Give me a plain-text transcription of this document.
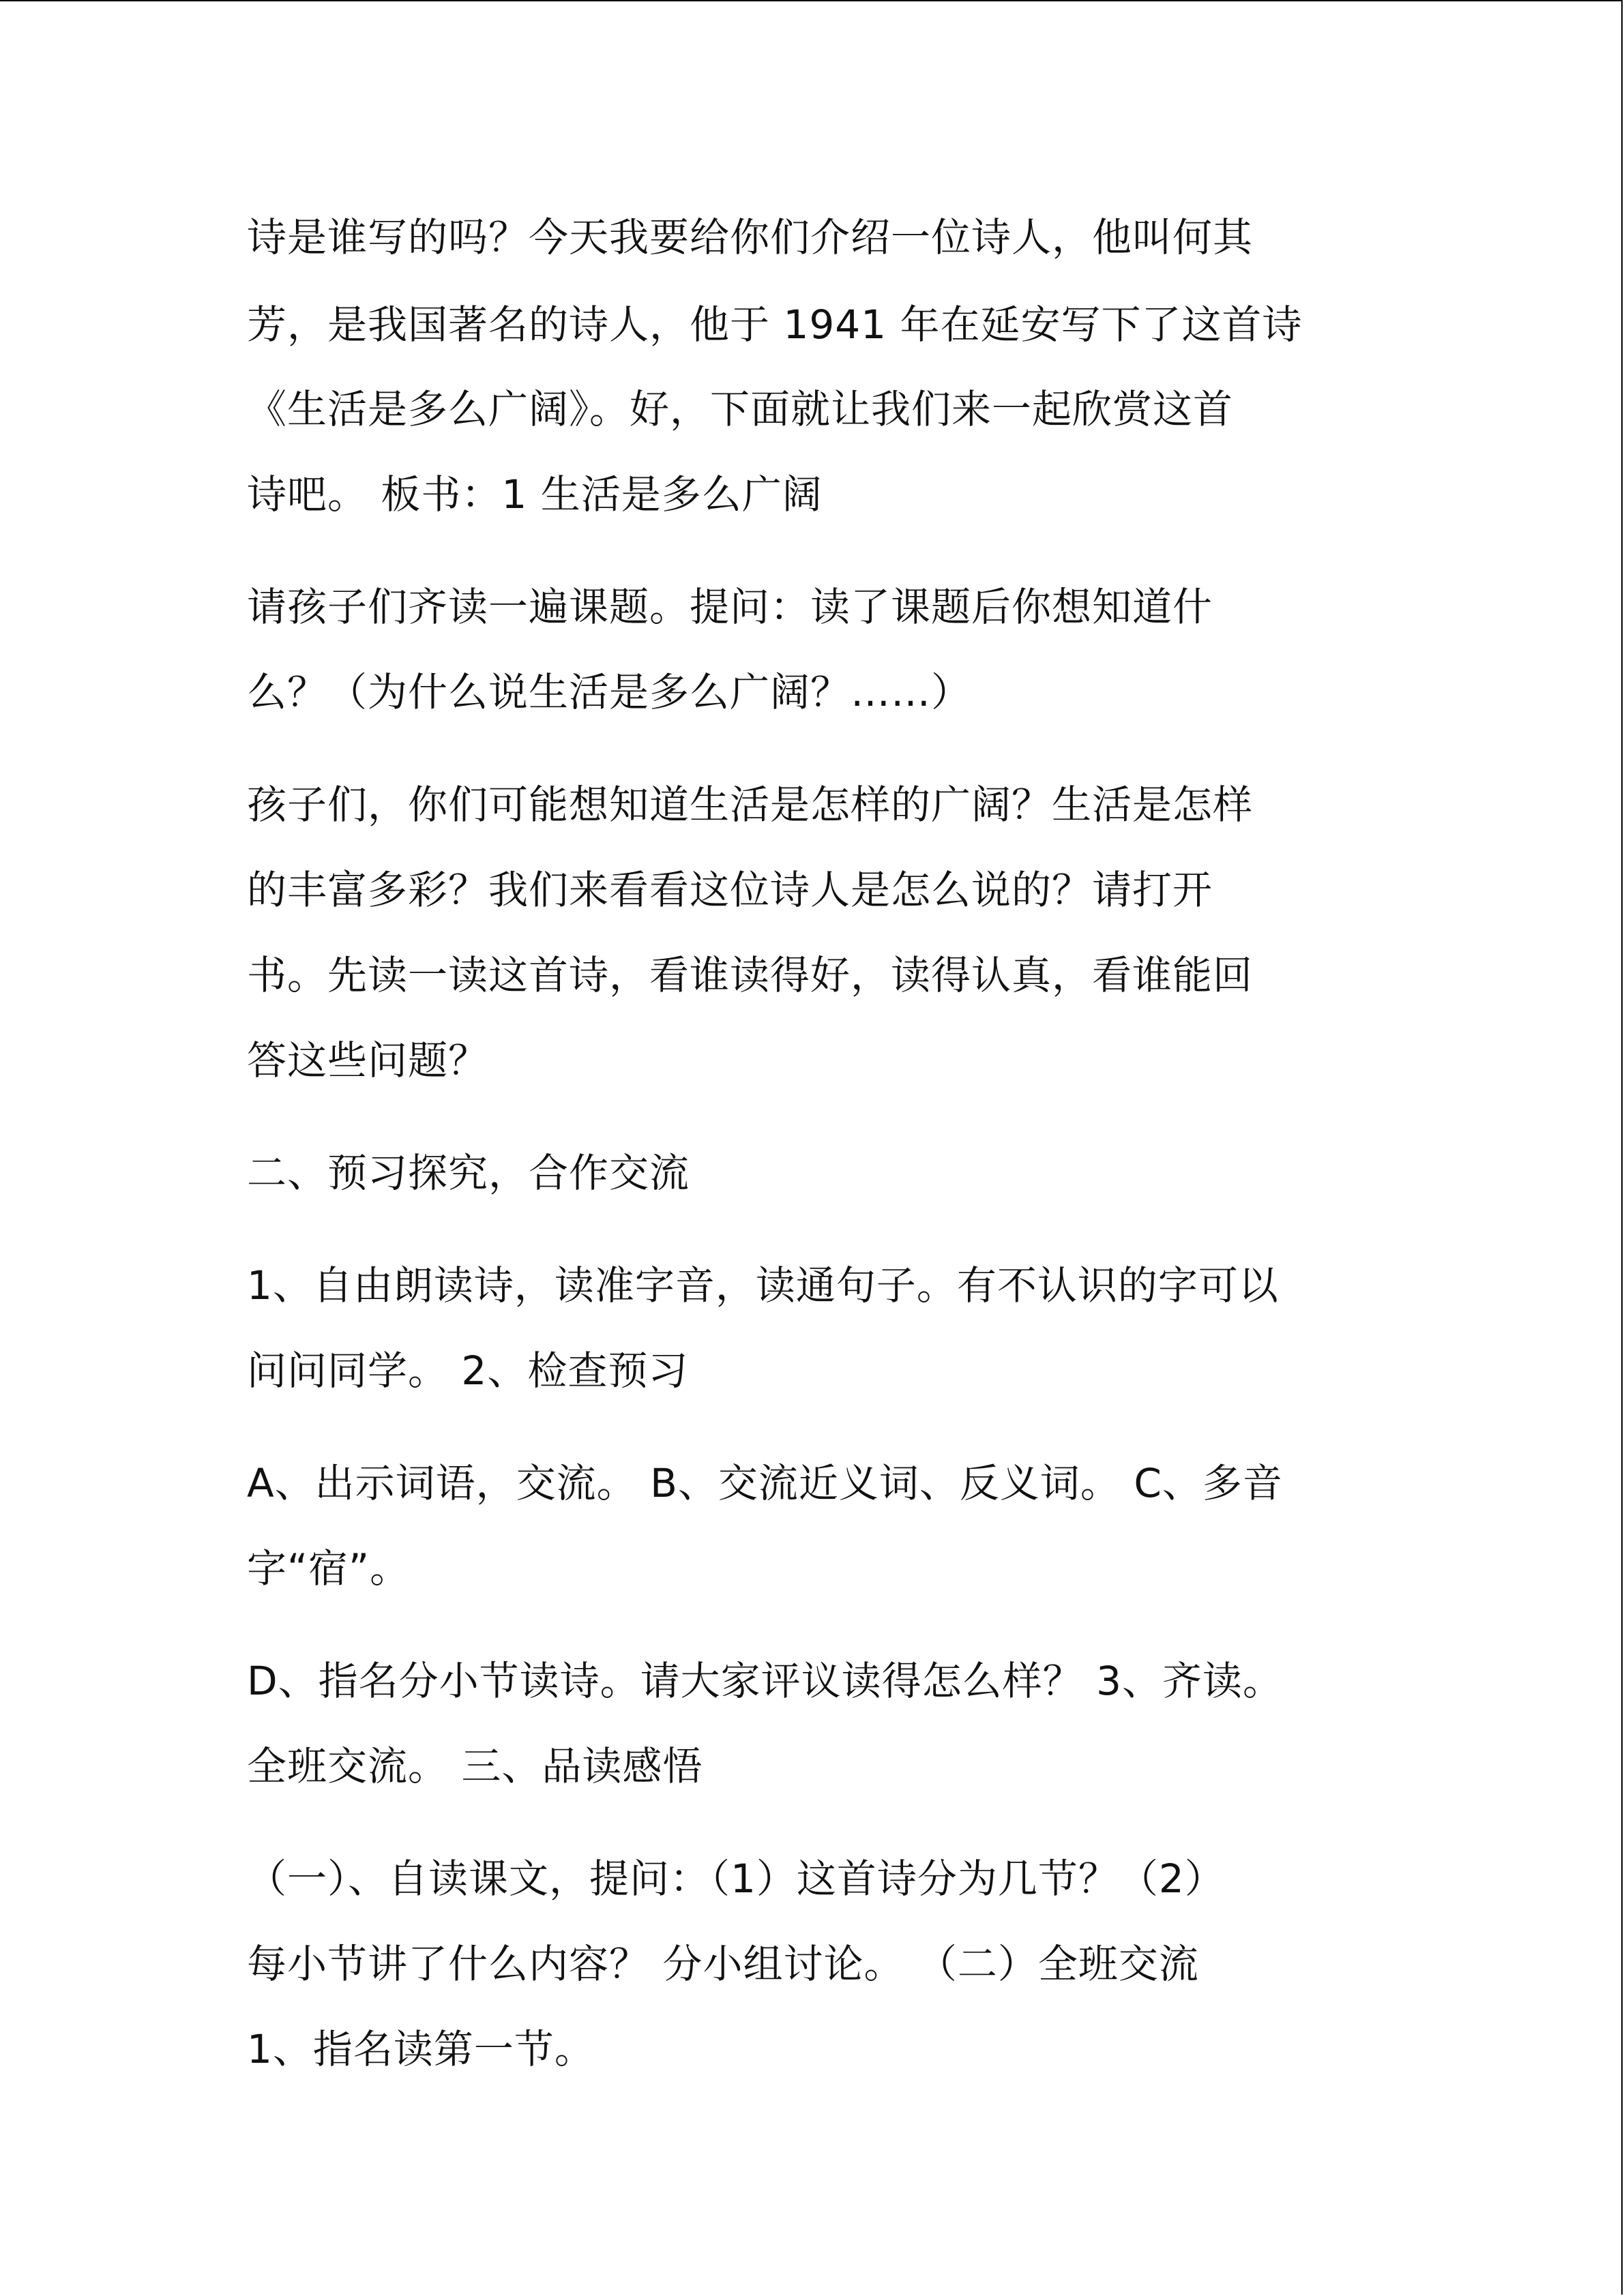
诗是谁写的吗？今天我要给你们介绍一位诗人，他叫何其
芳，是我国著名的诗人，他于 1941 年在延安写下了这首诗
《生活是多么广阔》。好，下面就让我们来一起欣赏这首
诗吧。 板书：1 生活是多么广阔
请孩子们齐读一遍课题。提问：读了课题后你想知道什
么？（为什么说生活是多么广阔？……）
孩子们，你们可能想知道生活是怎样的广阔？生活是怎样
的丰富多彩？我们来看看这位诗人是怎么说的？请打开
书。先读一读这首诗，看谁读得好，读得认真，看谁能回
答这些问题？
二、预习探究，合作交流
1、自由朗读诗，读准字音，读通句子。有不认识的字可以
问问同学。 2、检查预习
A、出示词语，交流。 B、交流近义词、反义词。 C、多音
字“宿”。
D、指名分小节读诗。请大家评议读得怎么样？ 3、齐读。
全班交流。 三、品读感悟
（一）、自读课文，提问：（1）这首诗分为几节？（2）
每小节讲了什么内容？ 分小组讨论。 （二）全班交流
1、指名读第一节。
